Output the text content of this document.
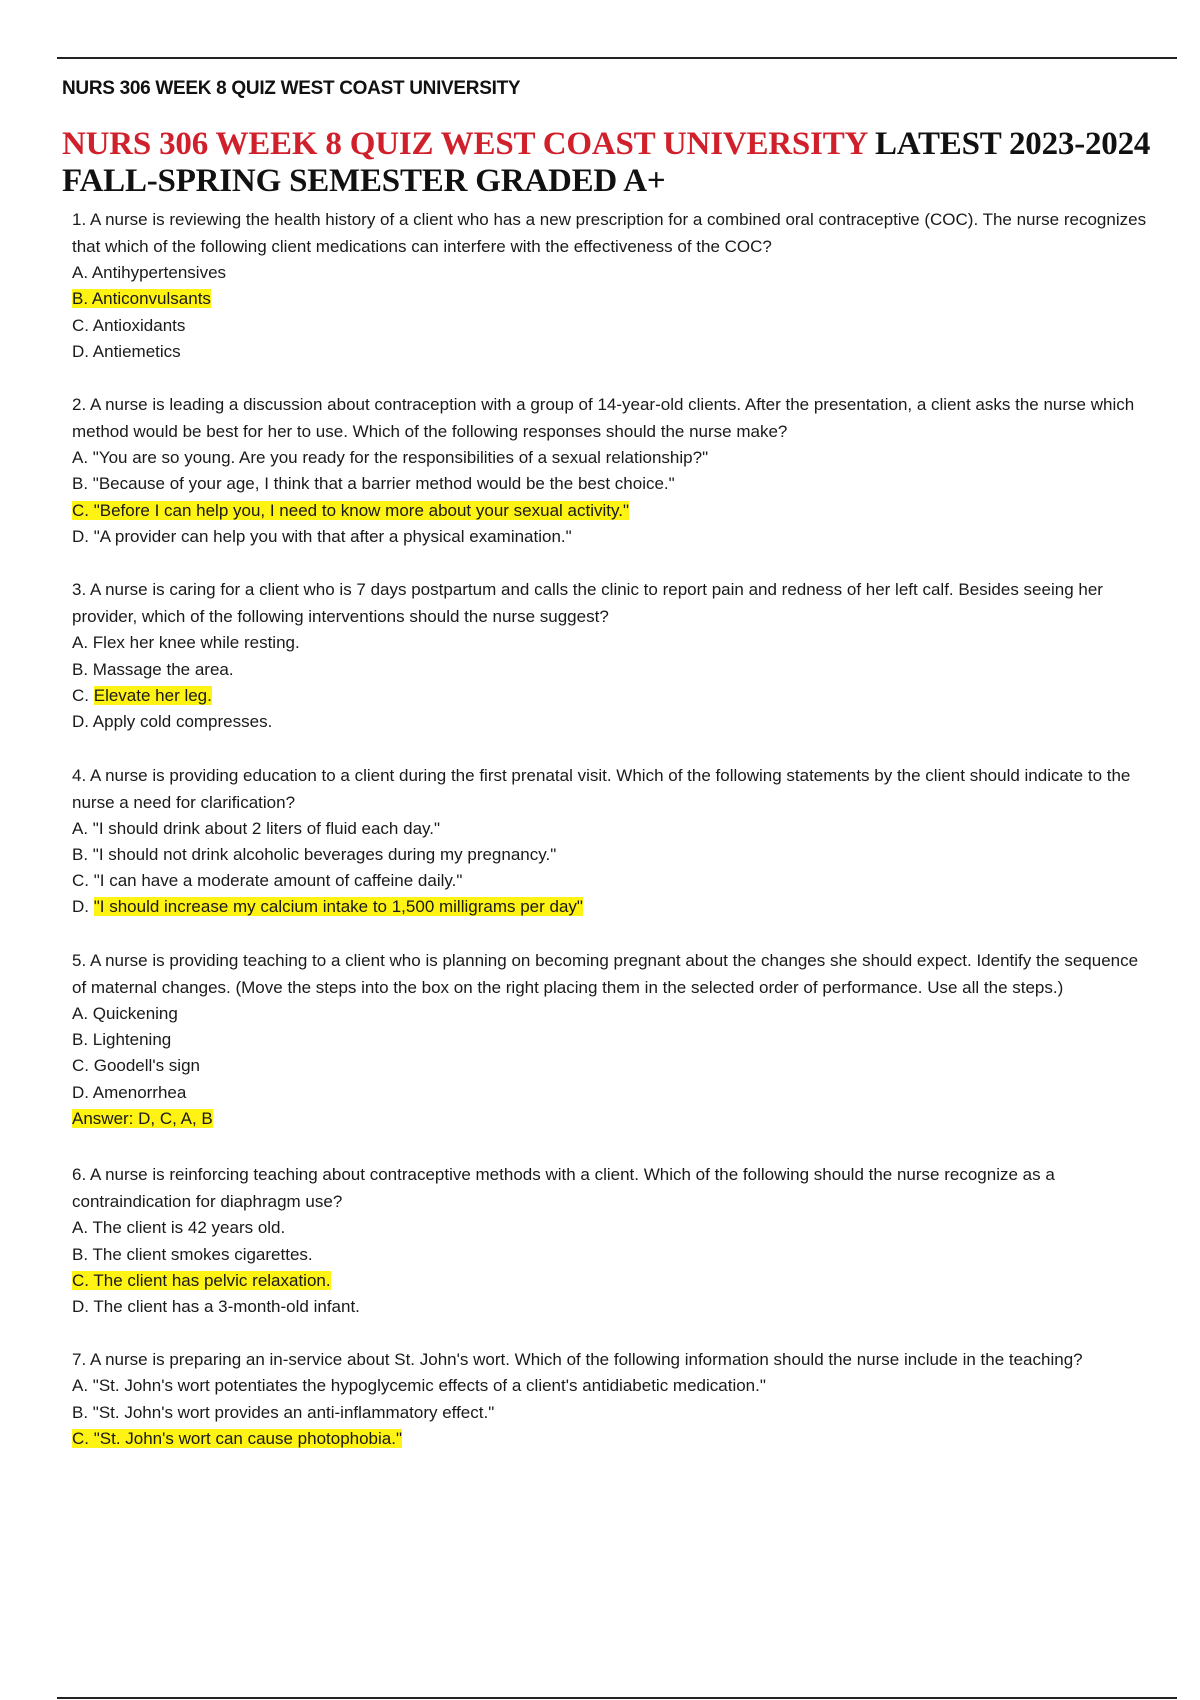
NURS 306 WEEK 8 QUIZ WEST COAST UNIVERSITY
NURS 306 WEEK 8 QUIZ WEST COAST UNIVERSITY LATEST 2023-2024 FALL-SPRING SEMESTER GRADED A+

1. A nurse is reviewing the health history of a client who has a new prescription for a combined oral contraceptive (COC). The nurse recognizes that which of the following client medications can interfere with the effectiveness of the COC?

A. Antihypertensives

B. Anticonvulsants

C. Antioxidants

D. Antiemetics

2. A nurse is leading a discussion about contraception with a group of 14-year-old clients. After the presentation, a client asks the nurse which method would be best for her to use. Which of the following responses should the nurse make?

A. "You are so young. Are you ready for the responsibilities of a sexual relationship?"

B. "Because of your age, I think that a barrier method would be the best choice."

C. "Before I can help you, I need to know more about your sexual activity."

D. "A provider can help you with that after a physical examination."

3. A nurse is caring for a client who is 7 days postpartum and calls the clinic to report pain and redness of her left calf. Besides seeing her provider, which of the following interventions should the nurse suggest?

A. Flex her knee while resting.

B. Massage the area.

C. Elevate her leg.

D. Apply cold compresses.

4. A nurse is providing education to a client during the first prenatal visit. Which of the following statements by the client should indicate to the nurse a need for clarification?

A. "I should drink about 2 liters of fluid each day."

B. "I should not drink alcoholic beverages during my pregnancy."

C. "I can have a moderate amount of caffeine daily."

D. "I should increase my calcium intake to 1,500 milligrams per day"

5. A nurse is providing teaching to a client who is planning on becoming pregnant about the changes she should expect. Identify the sequence of maternal changes. (Move the steps into the box on the right placing them in the selected order of performance. Use all the steps.)

A. Quickening

B. Lightening

C. Goodell's sign

D. Amenorrhea

Answer: D, C, A, B

6. A nurse is reinforcing teaching about contraceptive methods with a client. Which of the following should the nurse recognize as a contraindication for diaphragm use?

A. The client is 42 years old.

B. The client smokes cigarettes.

C. The client has pelvic relaxation.

D. The client has a 3-month-old infant.

7. A nurse is preparing an in-service about St. John's wort. Which of the following information should the nurse include in the teaching?

A. "St. John's wort potentiates the hypoglycemic effects of a client's antidiabetic medication."

B. "St. John's wort provides an anti-inflammatory effect."

C. "St. John's wort can cause photophobia."
